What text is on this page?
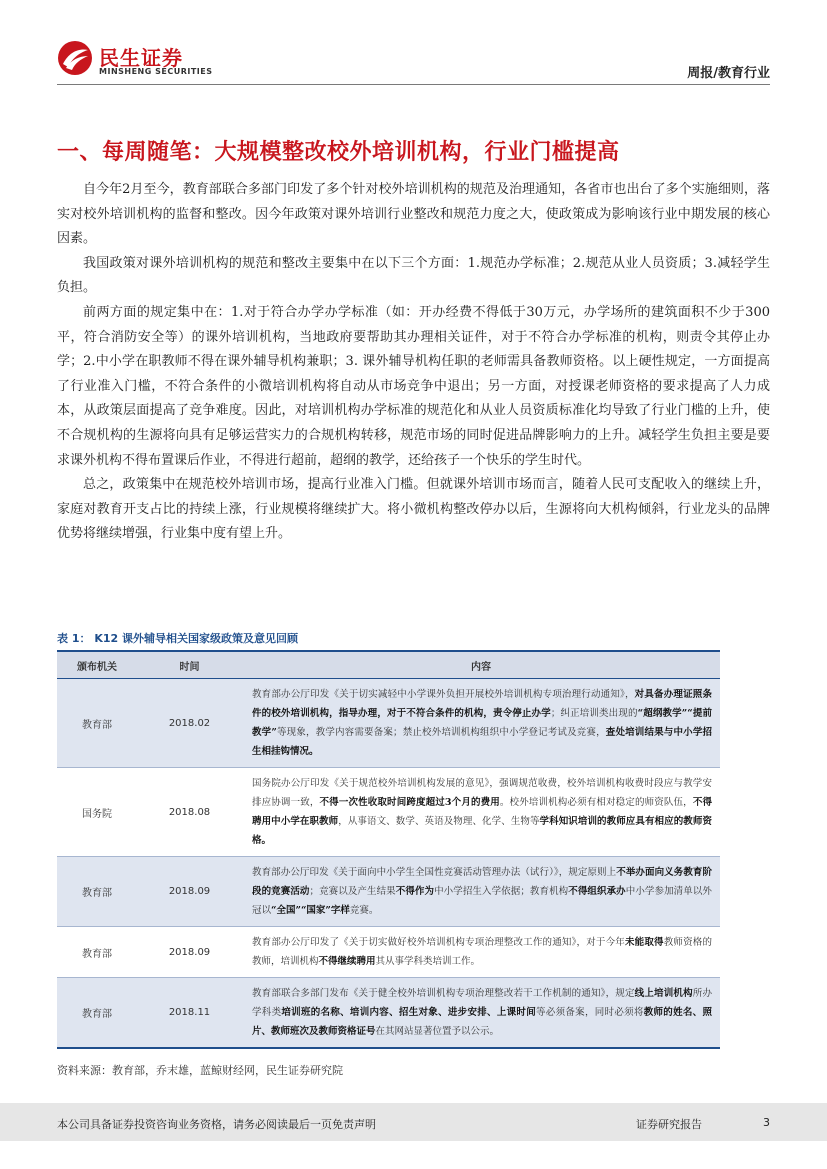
民生证券
MINSHENG SECURITIES	周报/教育行业
一、每周随笔：大规模整改校外培训机构，行业门槛提高

自今年2月至今，教育部联合多部门印发了多个针对校外培训机构的规范及治理通知，各省市也出台了多个实施细则，落实对校外培训机构的监督和整改。因今年政策对课外培训行业整改和规范力度之大，使政策成为影响该行业中期发展的核心因素。

我国政策对课外培训机构的规范和整改主要集中在以下三个方面：1.规范办学标准；2.规范从业人员资质；3.减轻学生负担。

前两方面的规定集中在：1.对于符合办学办学标准（如：开办经费不得低于30万元，办学场所的建筑面积不少于300平，符合消防安全等）的课外培训机构，当地政府要帮助其办理相关证件，对于不符合办学标准的机构，则责令其停止办学；2.中小学在职教师不得在课外辅导机构兼职；3. 课外辅导机构任职的老师需具备教师资格。以上硬性规定，一方面提高了行业准入门槛，不符合条件的小微培训机构将自动从市场竞争中退出；另一方面，对授课老师资格的要求提高了人力成本，从政策层面提高了竞争难度。因此，对培训机构办学标准的规范化和从业人员资质标准化均导致了行业门槛的上升，使不合规机构的生源将向具有足够运营实力的合规机构转移，规范市场的同时促进品牌影响力的上升。减轻学生负担主要是要求课外机构不得布置课后作业，不得进行超前，超纲的教学，还给孩子一个快乐的学生时代。

总之，政策集中在规范校外培训市场，提高行业准入门槛。但就课外培训市场而言，随着人民可支配收入的继续上升，家庭对教育开支占比的持续上涨，行业规模将继续扩大。将小微机构整改停办以后，生源将向大机构倾斜，行业龙头的品牌优势将继续增强，行业集中度有望上升。

表 1： K12 课外辅导相关国家级政策及意见回顾
颁布机关	时间	内容
教育部	2018.02	教育部办公厅印发《关于切实减轻中小学课外负担开展校外培训机构专项治理行动通知》，对具备办理证照条件的校外培训机构，指导办理，对于不符合条件的机构，责令停止办学；纠正培训类出现的“超纲教学”“提前教学”等现象，教学内容需要备案；禁止校外培训机构组织中小学登记考试及竞赛，查处培训结果与中小学招生相挂钩情况。
国务院	2018.08	国务院办公厅印发《关于规范校外培训机构发展的意见》，强调规范收费，校外培训机构收费时段应与教学安排应协调一致，不得一次性收取时间跨度超过3个月的费用。校外培训机构必须有相对稳定的师资队伍，不得聘用中小学在职教师，从事语文、数学、英语及物理、化学、生物等学科知识培训的教师应具有相应的教师资格。
教育部	2018.09	教育部办公厅印发《关于面向中小学生全国性竞赛活动管理办法（试行）》，规定原则上不举办面向义务教育阶段的竞赛活动；竞赛以及产生结果不得作为中小学招生入学依据；教育机构不得组织承办中小学参加清单以外冠以“全国”“国家”字样竞赛。
教育部	2018.09	教育部办公厅印发了《关于切实做好校外培训机构专项治理整改工作的通知》，对于今年未能取得教师资格的教师，培训机构不得继续聘用其从事学科类培训工作。
教育部	2018.11	教育部联合多部门发布《关于健全校外培训机构专项治理整改若干工作机制的通知》，规定线上培训机构所办学科类培训班的名称、培训内容、招生对象、进步安排、上课时间等必须备案，同时必须将教师的姓名、照片、教师班次及教师资格证号在其网站显著位置予以公示。
资料来源：教育部，乔末雄，蓝鲸财经网，民生证券研究院
本公司具备证券投资咨询业务资格，请务必阅读最后一页免责声明	证券研究报告	3
